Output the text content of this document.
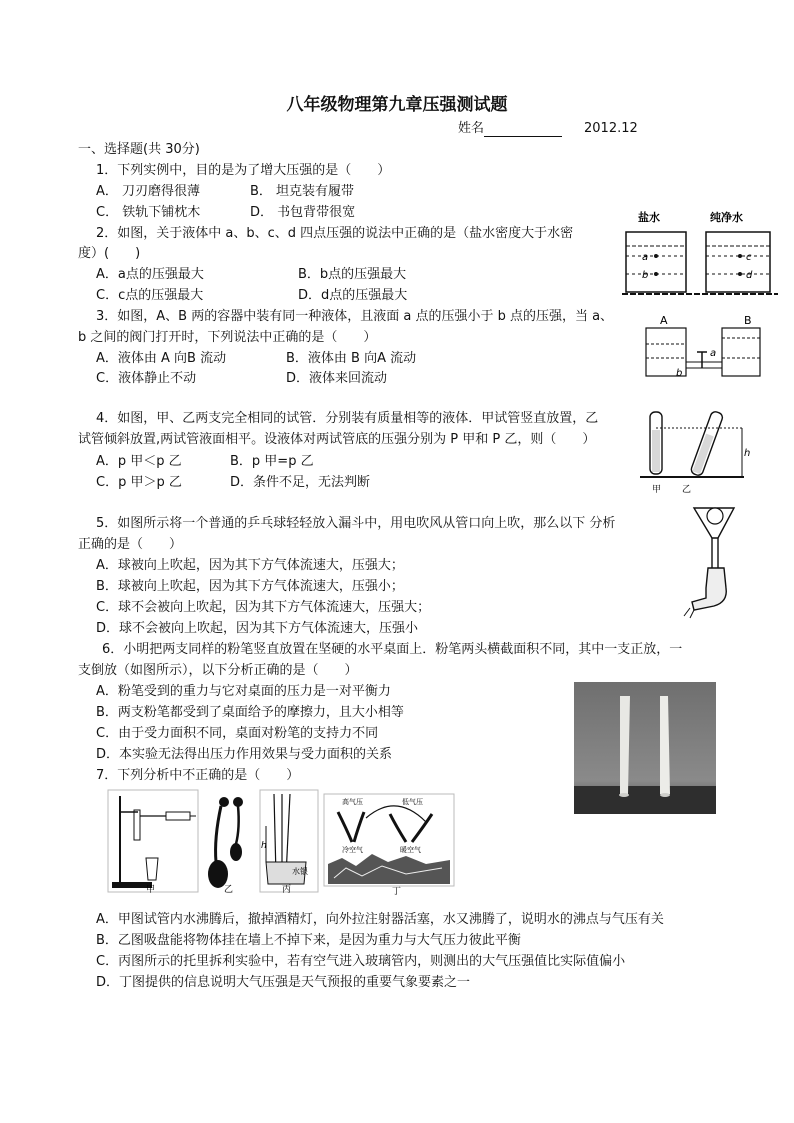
八年级物理第九章压强测试题
姓名	2012.12
一、选择题(共 30分)
1．下列实例中，目的是为了增大压强的是（　　）
A． 刀刃磨得很薄	B． 坦克装有履带
C． 铁轨下铺枕木	D． 书包背带很宽
2．如图，关于液体中 a、b、c、d 四点压强的说法中正确的是（盐水密度大于水密
度）(　　)
A．a点的压强最大	B．b点的压强最大
C．c点的压强最大	D．d点的压强最大
盐水	纯净水
a
b
c
d
3．如图，A、B 两的容器中装有同一种液体，且液面 a 点的压强小于 b 点的压强，当 a、
b 之间的阀门打开时，下列说法中正确的是（　　）
A．液体由 A 向B 流动	B．液体由 B 向A 流动
C．液体静止不动	D．液体来回流动
A	B
a
b
4．如图，甲、乙两支完全相同的试管．分别装有质量相等的液体．甲试管竖直放置，乙
试管倾斜放置,两试管液面相平。设液体对两试管底的压强分别为 P 甲和 P 乙，则（　　）
A．p 甲＜p 乙	B．p 甲=p 乙
C．p 甲＞p 乙	D．条件不足，无法判断
h
甲 乙
5．如图所示将一个普通的乒乓球轻轻放入漏斗中，用电吹风从管口向上吹，那么以下 分析
正确的是（　　）
A．球被向上吹起，因为其下方气体流速大，压强大；
B．球被向上吹起，因为其下方气体流速大，压强小；
C．球不会被向上吹起，因为其下方气体流速大，压强大；
D．球不会被向上吹起，因为其下方气体流速大，压强小
6．小明把两支同样的粉笔竖直放置在坚硬的水平桌面上．粉笔两头横截面积不同，其中一支正放，一
支倒放（如图所示），以下分析正确的是（　　）
A．粉笔受到的重力与它对桌面的压力是一对平衡力
B．两支粉笔都受到了桌面给予的摩擦力，且大小相等
C．由于受力面积不同，桌面对粉笔的支持力不同
D．本实验无法得出压力作用效果与受力面积的关系
7．下列分析中不正确的是（　　）
甲	乙
h
水银
丙
高气压	低气压
冷空气	暖空气
丁
A．甲图试管内水沸腾后，撤掉酒精灯，向外拉注射器活塞，水又沸腾了，说明水的沸点与气压有关
B．乙图吸盘能将物体挂在墙上不掉下来，是因为重力与大气压力彼此平衡
C．丙图所示的托里拆利实验中，若有空气进入玻璃管内，则测出的大气压强值比实际值偏小
D．丁图提供的信息说明大气压强是天气预报的重要气象要素之一
